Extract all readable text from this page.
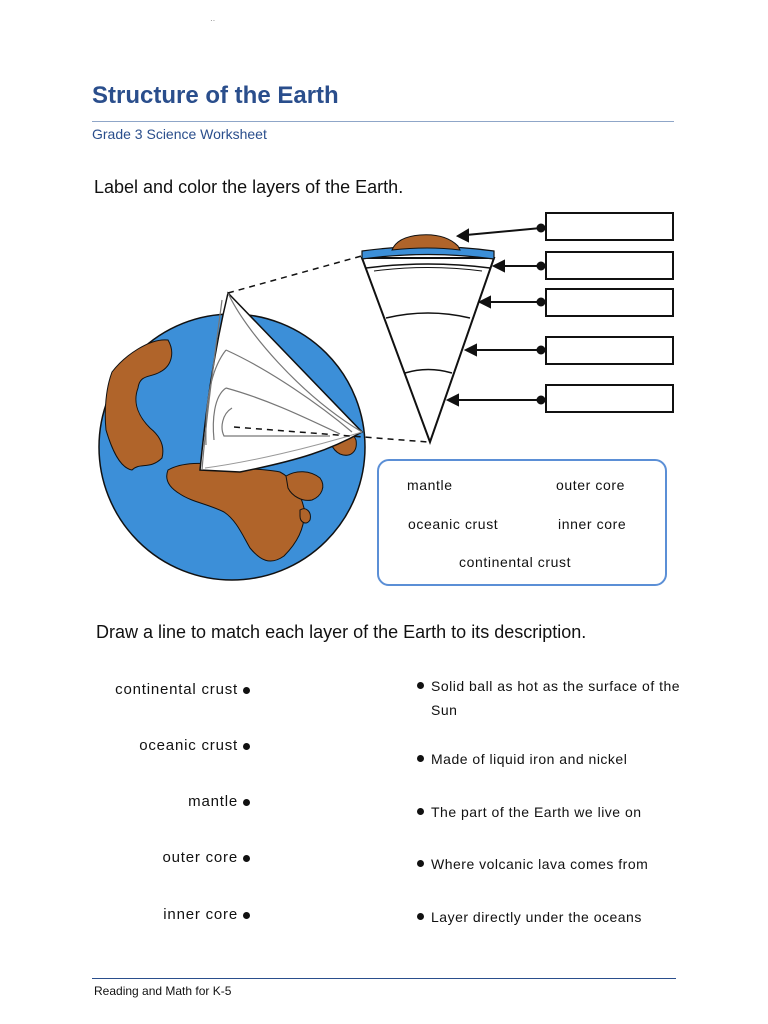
··
Structure of the Earth
Grade 3 Science Worksheet
Label and color the layers of the Earth.
mantle	outer core
oceanic crust	inner core
continental crust
Draw a line to match each layer of the Earth to its description.
continental crust
oceanic crust
mantle
outer core
inner core
Solid ball as hot as the surface of the Sun
Made of liquid iron and nickel
The part of the Earth we live on
Where volcanic lava comes from
Layer directly under the oceans
Reading and Math for K-5
